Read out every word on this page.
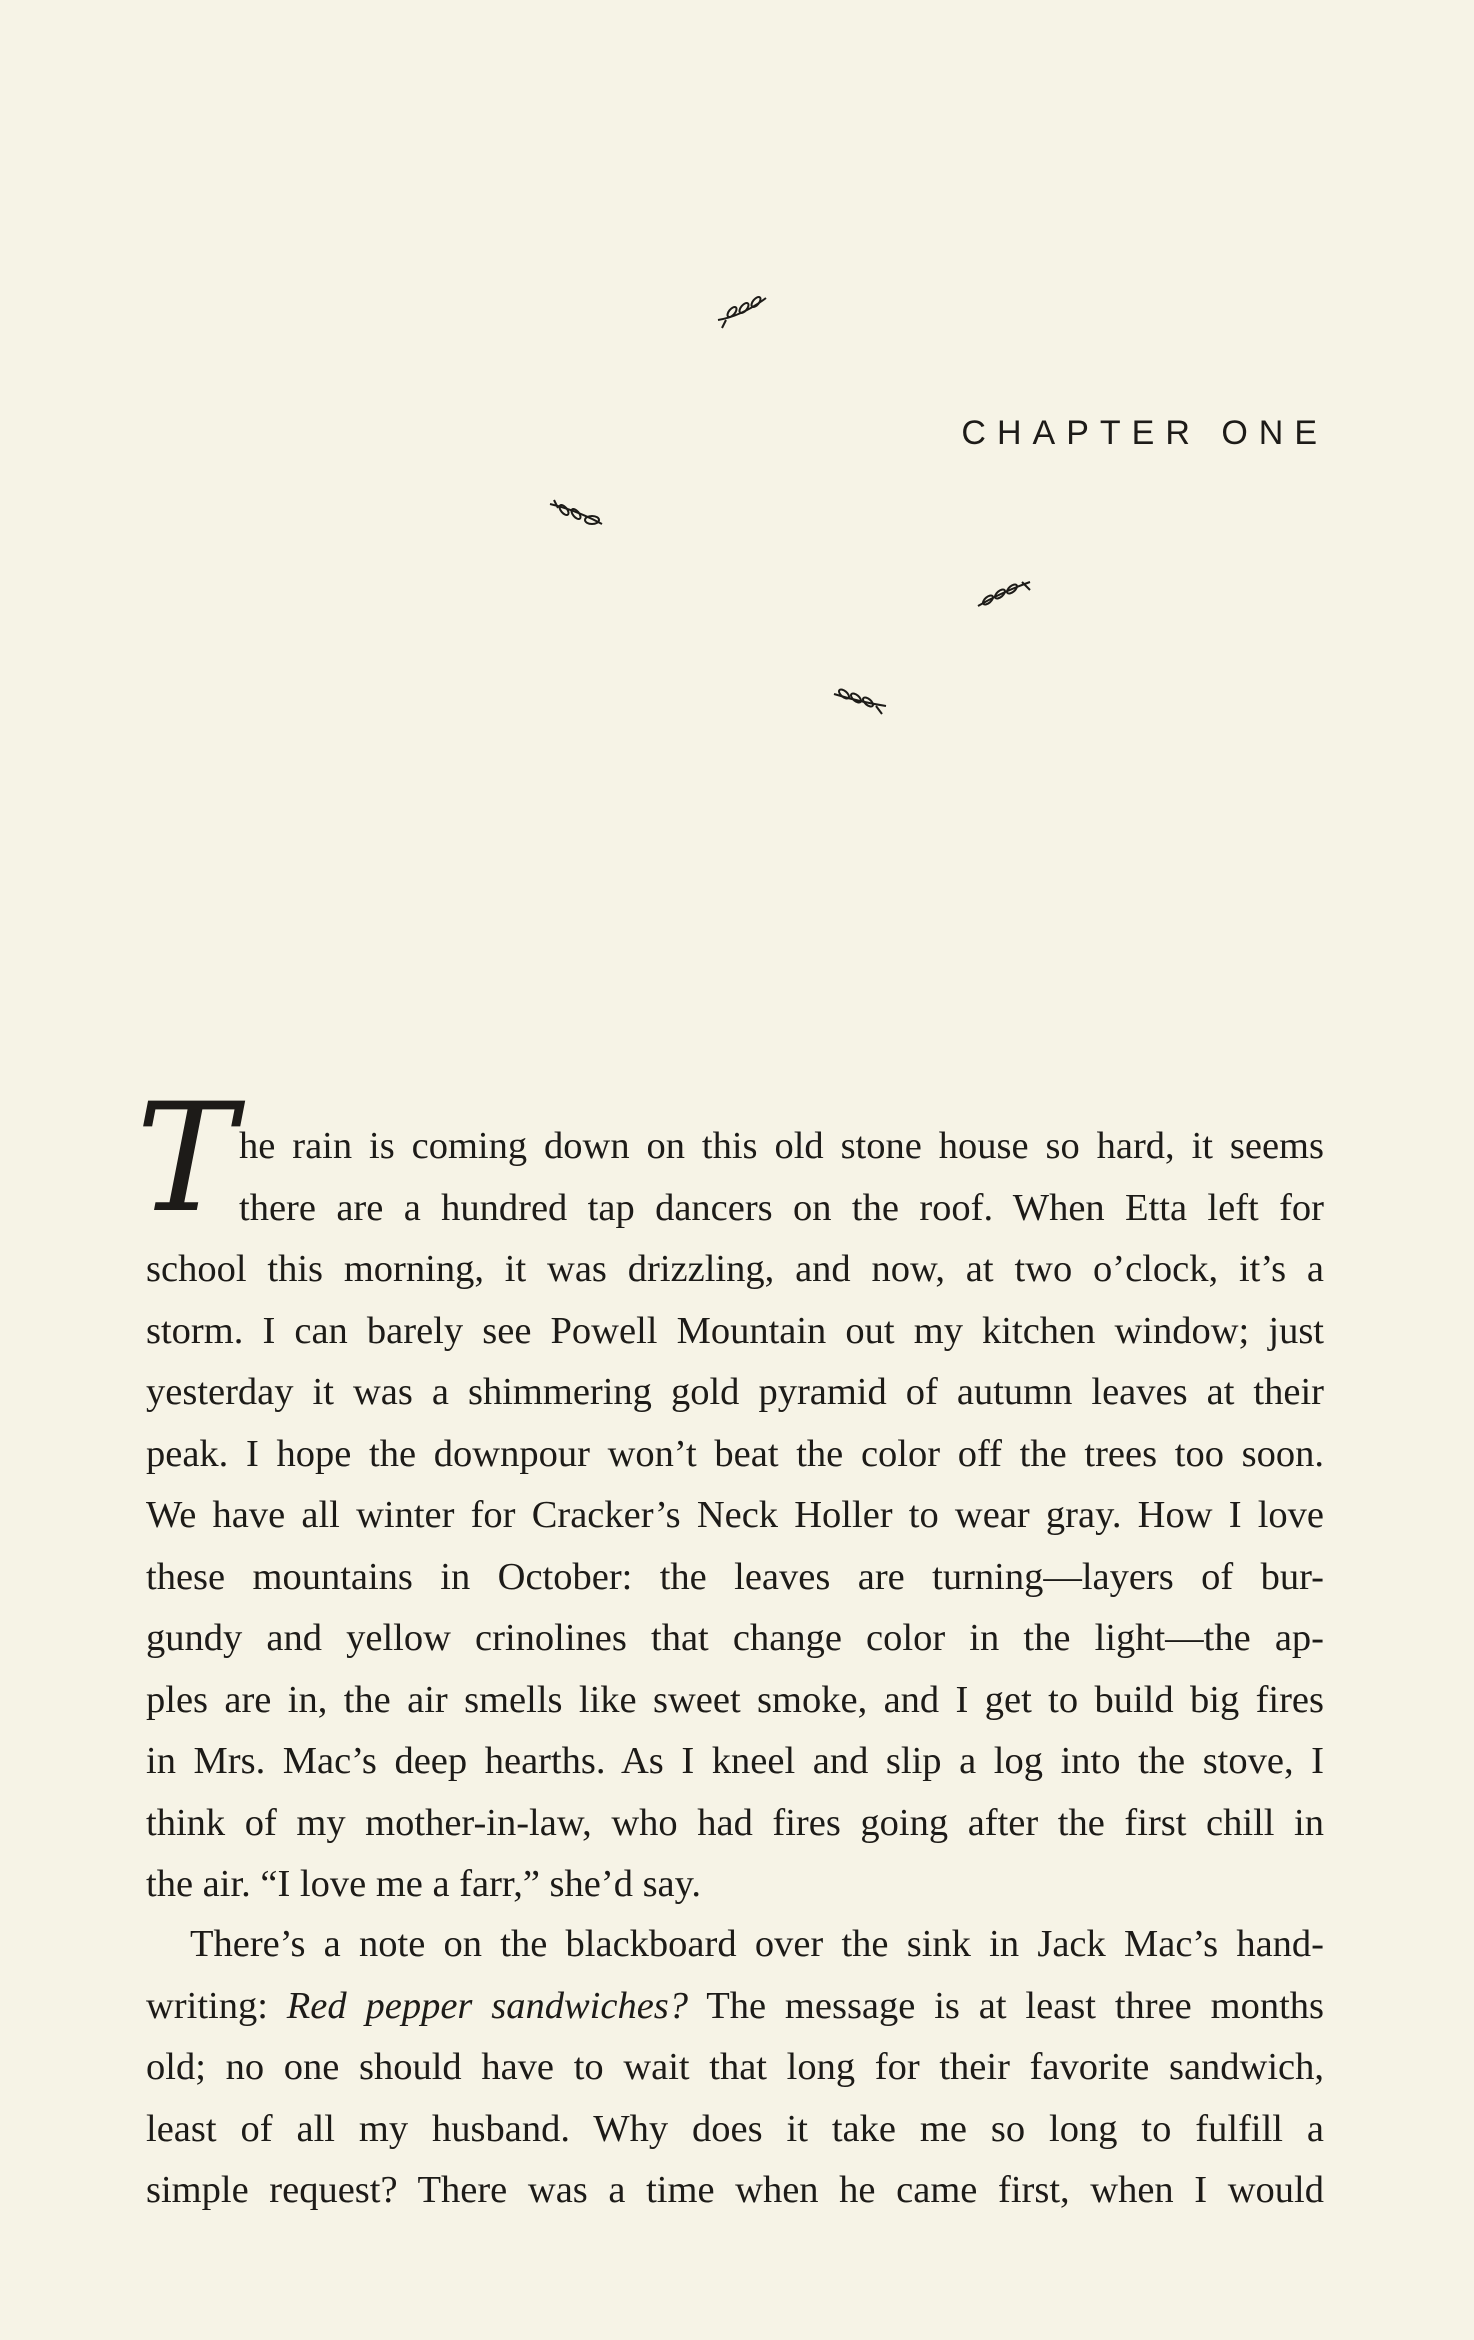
CHAPTER ONE
T he rain is coming down on this old stone house so hard, it seems
there are a hundred tap dancers on the roof. When Etta left for
school this morning, it was drizzling, and now, at two o’clock, it’s a
storm. I can barely see Powell Mountain out my kitchen window; just
yesterday it was a shimmering gold pyramid of autumn leaves at their
peak. I hope the downpour won’t beat the color off the trees too soon.
We have all winter for Cracker’s Neck Holler to wear gray. How I love
these mountains in October: the leaves are turning—layers of bur-
gundy and yellow crinolines that change color in the light—the ap-
ples are in, the air smells like sweet smoke, and I get to build big fires
in Mrs. Mac’s deep hearths. As I kneel and slip a log into the stove, I
think of my mother-in-law, who had fires going after the first chill in
the air. “I love me a farr,” she’d say.
There’s a note on the blackboard over the sink in Jack Mac’s hand-
writing: Red pepper sandwiches? The message is at least three months
old; no one should have to wait that long for their favorite sandwich,
least of all my husband. Why does it take me so long to fulfill a
simple request? There was a time when he came first, when I would
